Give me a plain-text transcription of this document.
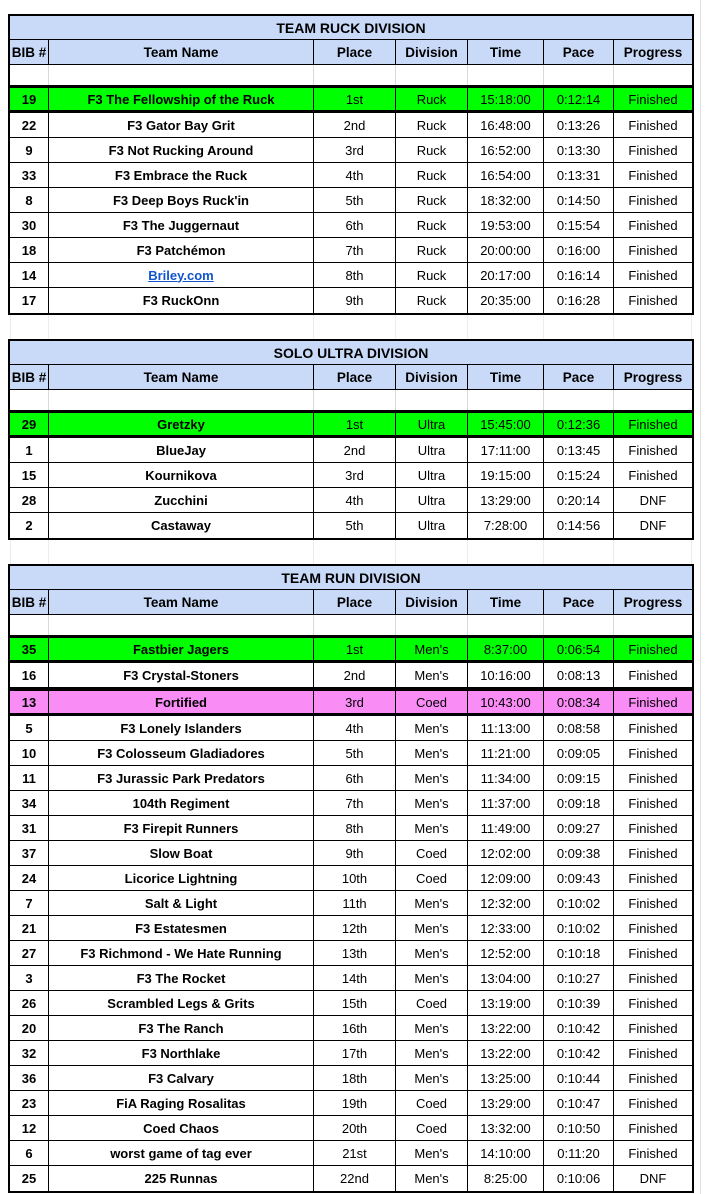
TEAM RUCK DIVISION
BIB #	Team Name	Place	Division	Time	Pace	Progress
19	F3 The Fellowship of the Ruck	1st	Ruck	15:18:00	0:12:14	Finished
22	F3 Gator Bay Grit	2nd	Ruck	16:48:00	0:13:26	Finished
9	F3 Not Rucking Around	3rd	Ruck	16:52:00	0:13:30	Finished
33	F3 Embrace the Ruck	4th	Ruck	16:54:00	0:13:31	Finished
8	F3 Deep Boys Ruck'in	5th	Ruck	18:32:00	0:14:50	Finished
30	F3 The Juggernaut	6th	Ruck	19:53:00	0:15:54	Finished
18	F3 Patchémon	7th	Ruck	20:00:00	0:16:00	Finished
14	Briley.com	8th	Ruck	20:17:00	0:16:14	Finished
17	F3 RuckOnn	9th	Ruck	20:35:00	0:16:28	Finished
SOLO ULTRA DIVISION
BIB #	Team Name	Place	Division	Time	Pace	Progress
29	Gretzky	1st	Ultra	15:45:00	0:12:36	Finished
1	BlueJay	2nd	Ultra	17:11:00	0:13:45	Finished
15	Kournikova	3rd	Ultra	19:15:00	0:15:24	Finished
28	Zucchini	4th	Ultra	13:29:00	0:20:14	DNF
2	Castaway	5th	Ultra	7:28:00	0:14:56	DNF
TEAM RUN DIVISION
BIB #	Team Name	Place	Division	Time	Pace	Progress
35	Fastbier Jagers	1st	Men's	8:37:00	0:06:54	Finished
16	F3 Crystal-Stoners	2nd	Men's	10:16:00	0:08:13	Finished
13	Fortified	3rd	Coed	10:43:00	0:08:34	Finished
5	F3 Lonely Islanders	4th	Men's	11:13:00	0:08:58	Finished
10	F3 Colosseum Gladiadores	5th	Men's	11:21:00	0:09:05	Finished
11	F3 Jurassic Park Predators	6th	Men's	11:34:00	0:09:15	Finished
34	104th Regiment	7th	Men's	11:37:00	0:09:18	Finished
31	F3 Firepit Runners	8th	Men's	11:49:00	0:09:27	Finished
37	Slow Boat	9th	Coed	12:02:00	0:09:38	Finished
24	Licorice Lightning	10th	Coed	12:09:00	0:09:43	Finished
7	Salt & Light	11th	Men's	12:32:00	0:10:02	Finished
21	F3 Estatesmen	12th	Men's	12:33:00	0:10:02	Finished
27	F3 Richmond - We Hate Running	13th	Men's	12:52:00	0:10:18	Finished
3	F3 The Rocket	14th	Men's	13:04:00	0:10:27	Finished
26	Scrambled Legs & Grits	15th	Coed	13:19:00	0:10:39	Finished
20	F3 The Ranch	16th	Men's	13:22:00	0:10:42	Finished
32	F3 Northlake	17th	Men's	13:22:00	0:10:42	Finished
36	F3 Calvary	18th	Men's	13:25:00	0:10:44	Finished
23	FiA Raging Rosalitas	19th	Coed	13:29:00	0:10:47	Finished
12	Coed Chaos	20th	Coed	13:32:00	0:10:50	Finished
6	worst game of tag ever	21st	Men's	14:10:00	0:11:20	Finished
25	225 Runnas	22nd	Men's	8:25:00	0:10:06	DNF
